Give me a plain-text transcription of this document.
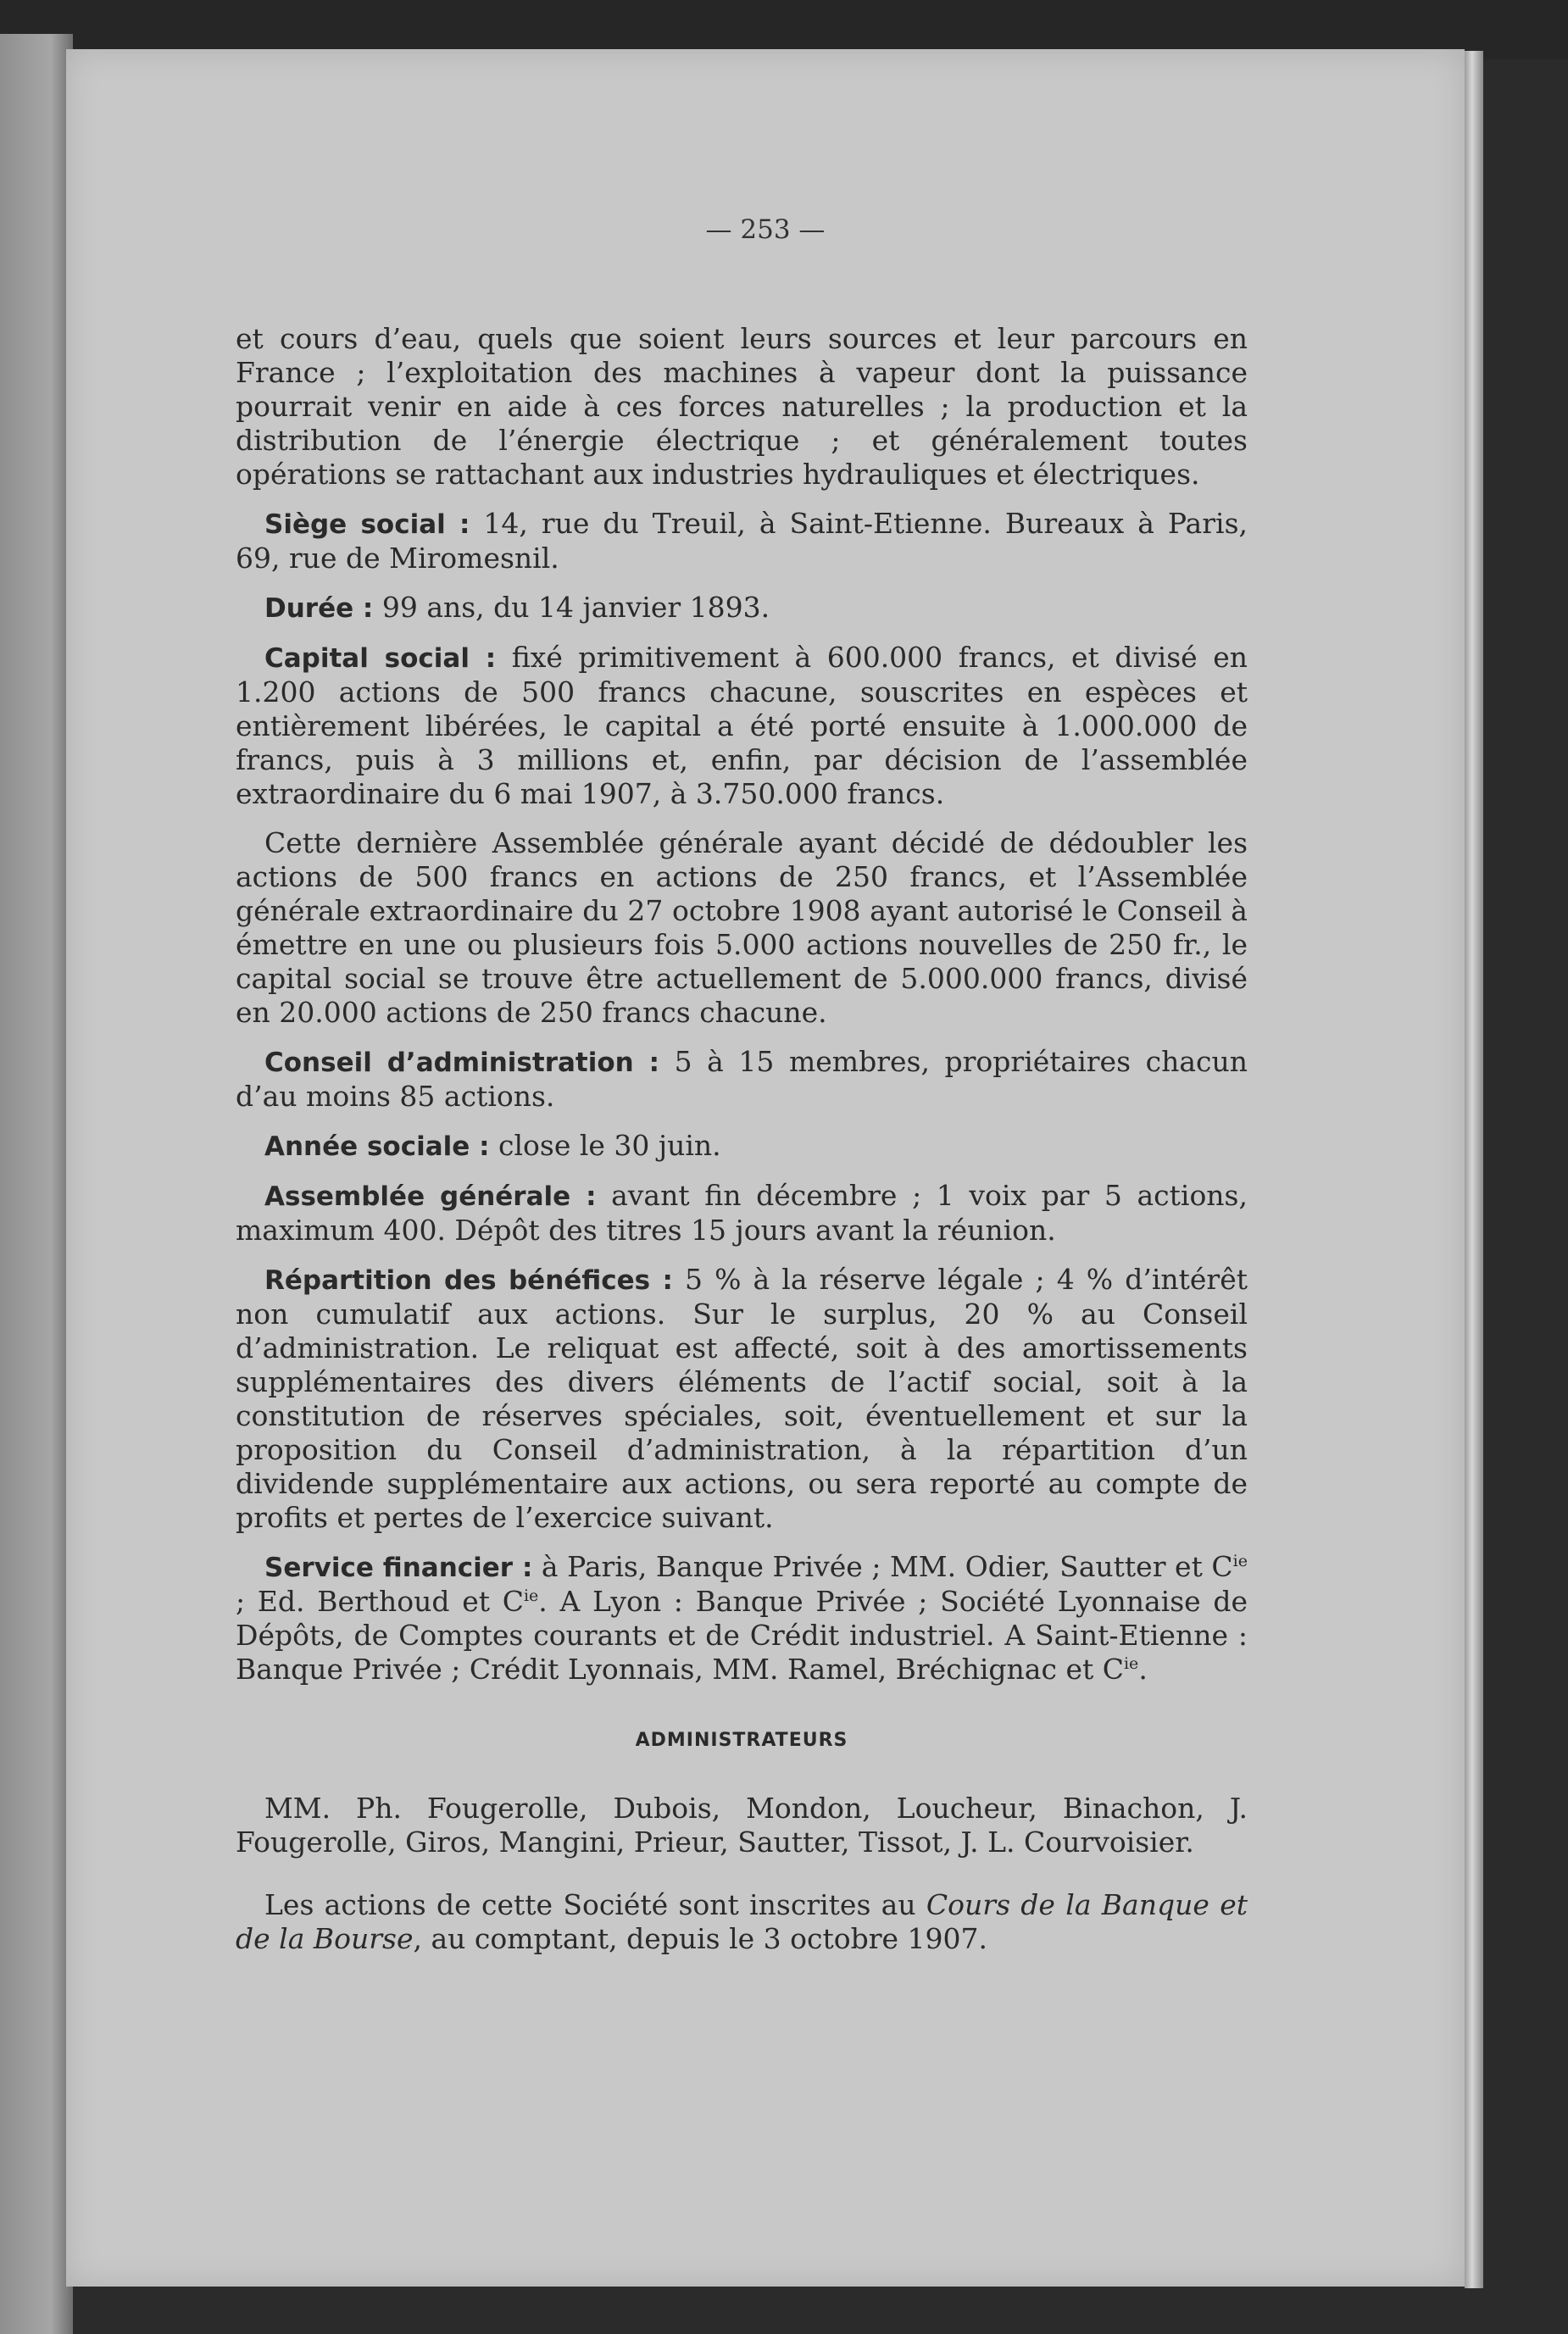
— 253 —

et cours d’eau, quels que soient leurs sources et leur parcours en France ; l’exploitation des machines à vapeur dont la puissance pourrait venir en aide à ces forces naturelles ; la production et la distribution de l’énergie électrique ; et généralement toutes opérations se rattachant aux industries hydrauliques et électriques.

Siège social : 14, rue du Treuil, à Saint-Etienne. Bureaux à Paris, 69, rue de Miromesnil.

Durée : 99 ans, du 14 janvier 1893.

Capital social : fixé primitivement à 600.000 francs, et divisé en 1.200 actions de 500 francs chacune, souscrites en espèces et entièrement libérées, le capital a été porté ensuite à 1.000.000 de francs, puis à 3 millions et, enfin, par décision de l’assemblée extraordinaire du 6 mai 1907, à 3.750.000 francs.

Cette dernière Assemblée générale ayant décidé de dédoubler les actions de 500 francs en actions de 250 francs, et l’Assemblée générale extraordinaire du 27 octobre 1908 ayant autorisé le Conseil à émettre en une ou plusieurs fois 5.000 actions nouvelles de 250 fr., le capital social se trouve être actuellement de 5.000.000 francs, divisé en 20.000 actions de 250 francs chacune.

Conseil d’administration : 5 à 15 membres, propriétaires chacun d’au moins 85 actions.

Année sociale : close le 30 juin.

Assemblée générale : avant fin décembre ; 1 voix par 5 actions, maximum 400. Dépôt des titres 15 jours avant la réunion.

Répartition des bénéfices : 5 % à la réserve légale ; 4 % d’intérêt non cumulatif aux actions. Sur le surplus, 20 % au Conseil d’administration. Le reliquat est affecté, soit à des amortissements supplémentaires des divers éléments de l’actif social, soit à la constitution de réserves spéciales, soit, éventuellement et sur la proposition du Conseil d’administration, à la répartition d’un dividende supplémentaire aux actions, ou sera reporté au compte de profits et pertes de l’exercice suivant.

Service financier : à Paris, Banque Privée ; MM. Odier, Sautter et $C^{ie}$ ; Ed. Berthoud et $C^{ie}$. A Lyon : Banque Privée ; Société Lyonnaise de Dépôts, de Comptes courants et de Crédit industriel. A Saint-Etienne : Banque Privée ; Crédit Lyonnais, MM. Ramel, Bréchignac et $C^{ie}$.

ADMINISTRATEURS

MM. Ph. Fougerolle, Dubois, Mondon, Loucheur, Binachon, J. Fougerolle, Giros, Mangini, Prieur, Sautter, Tissot, J. L. Courvoisier.

Les actions de cette Société sont inscrites au Cours de la Banque et de la Bourse, au comptant, depuis le 3 octobre 1907.
